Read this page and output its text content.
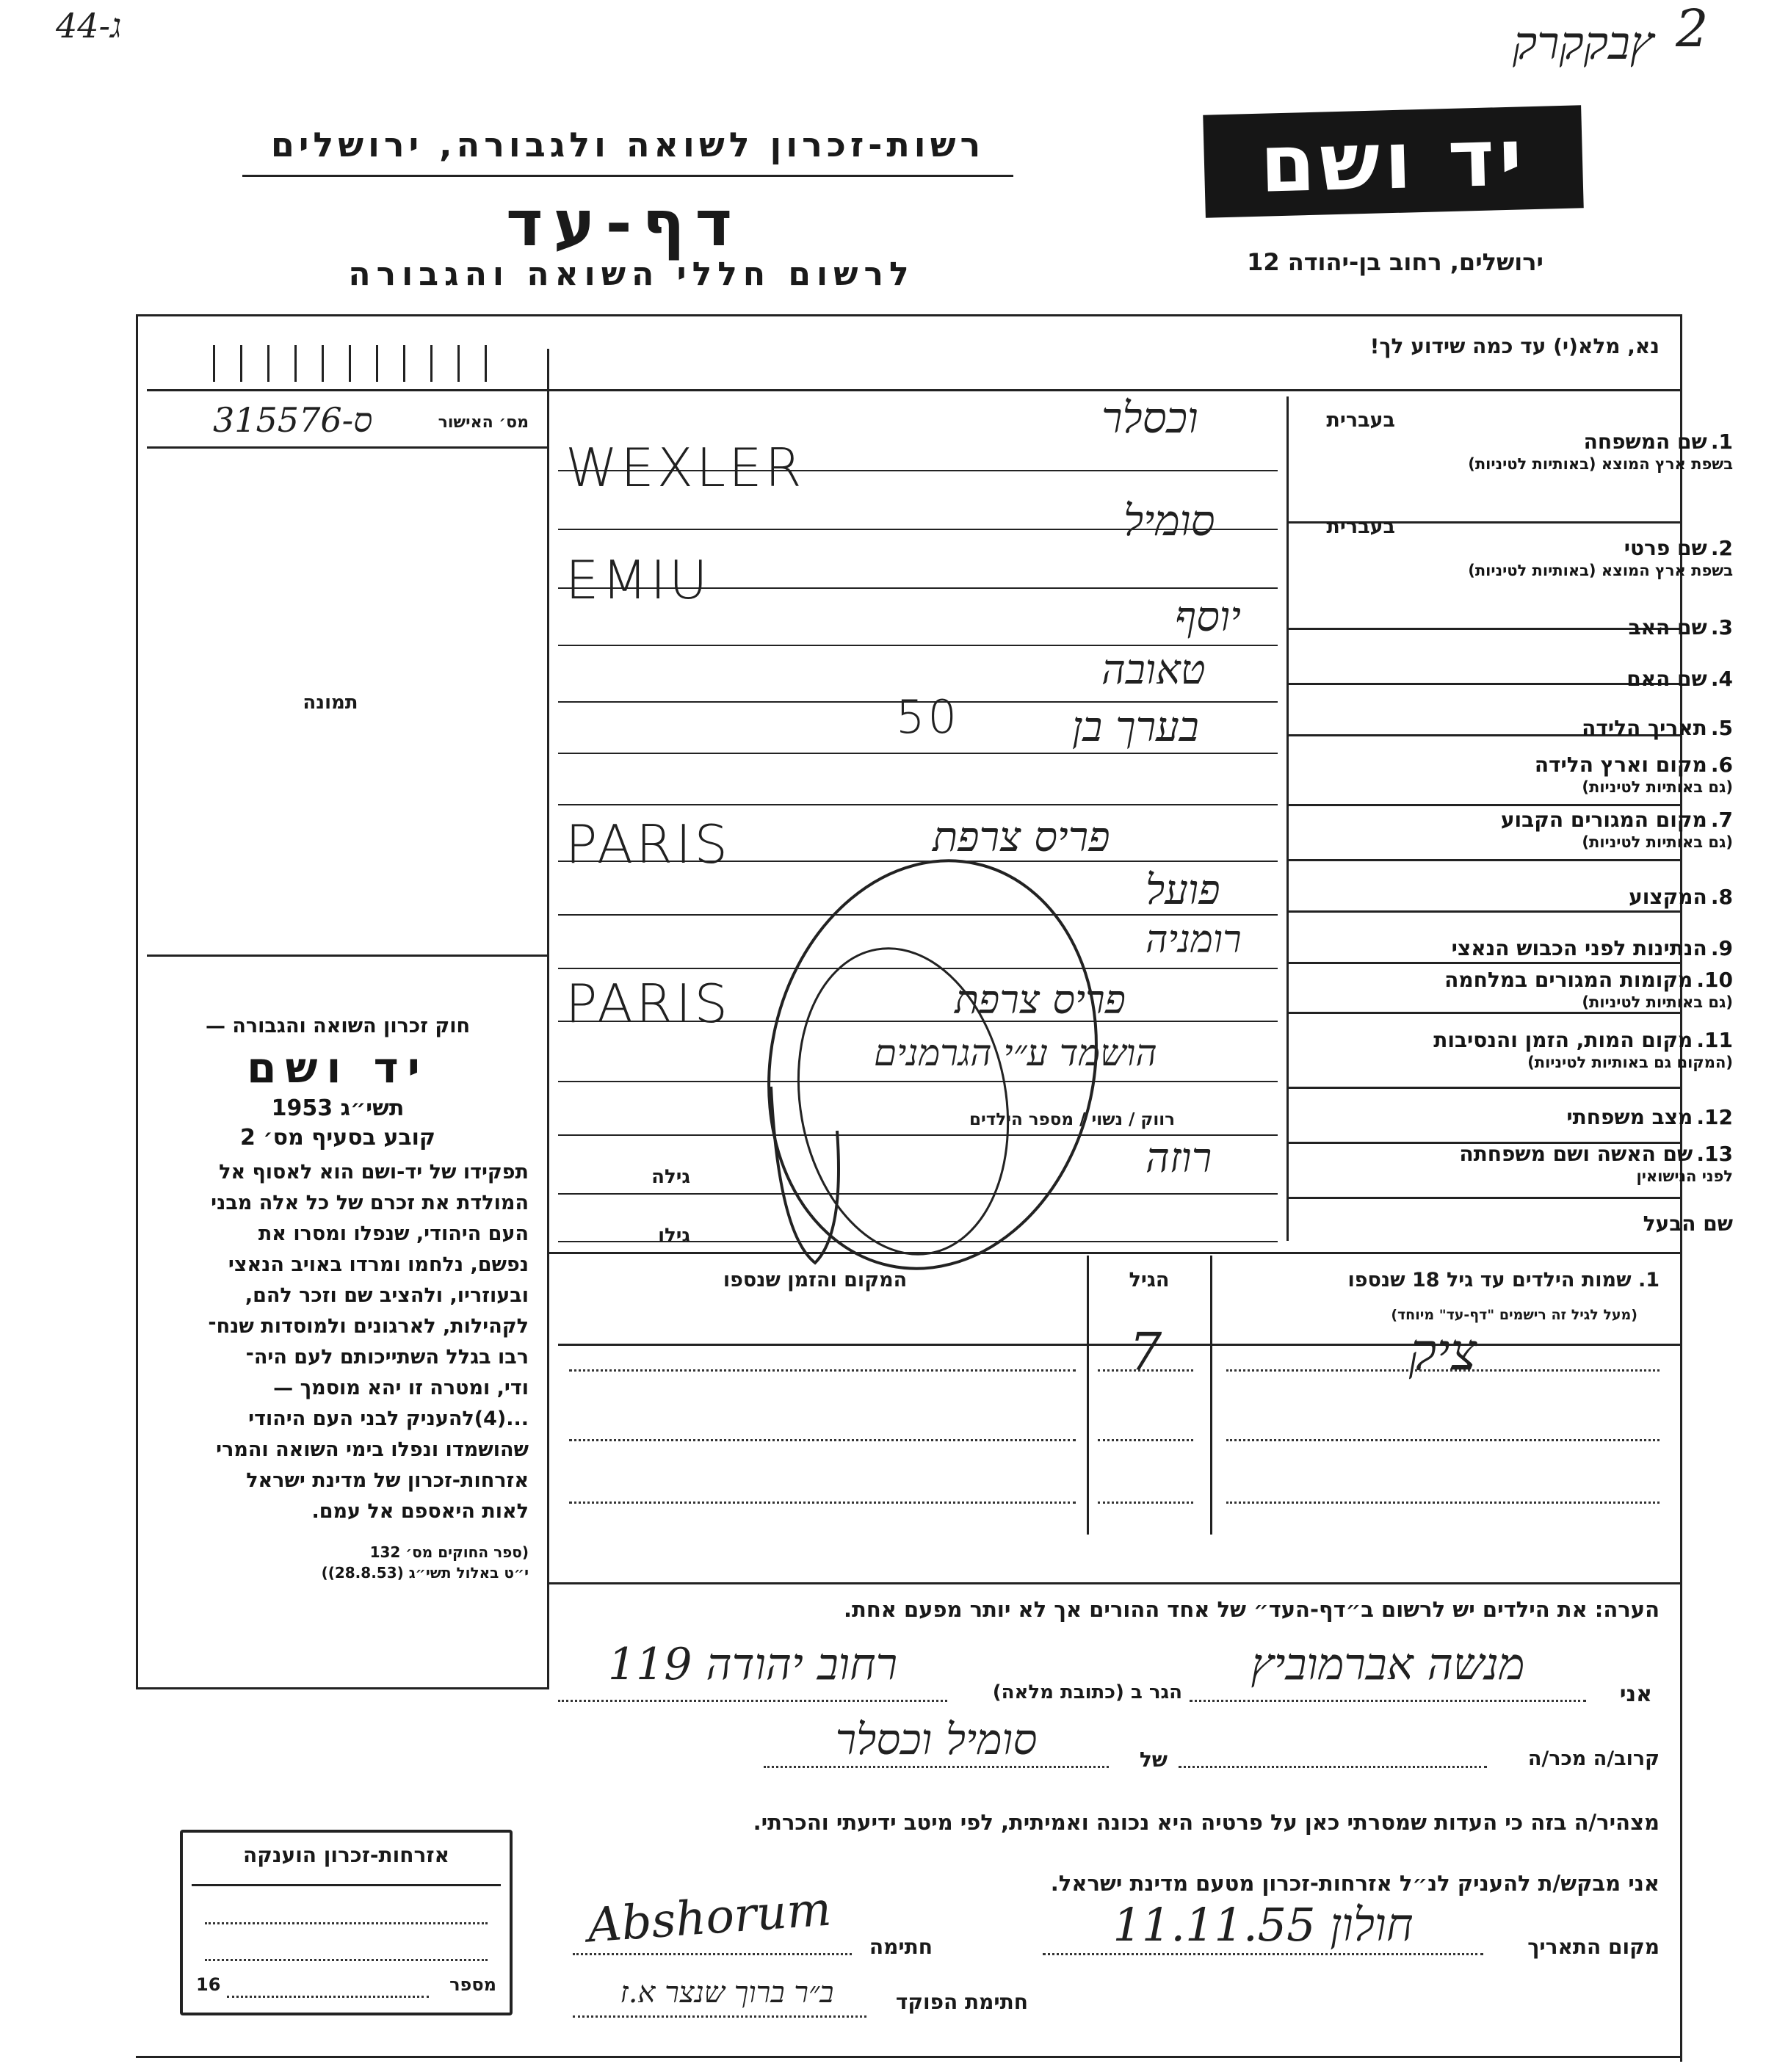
ג-44	ץבקקרק 2
רשות-זכרון לשואה ולגבורה, ירושלים
דף-עד
לרשום חללי השואה והגבורה
יד ושם
ירושלים, רחוב בן-יהודה 12
נא, מלא(י) עד כמה שידוע לך!
מס׳ האישור
315576-ס
תמונה
חוק זכרון השואה והגבורה —
יד ושם
תשי״ג 1953
קובע בסעיף מס׳ 2
תפקידו של יד-ושם הוא לאסוף אל
המולדת את זכרם של כל אלה מבני
העם היהודי, שנפלו ומסרו את
נפשם, נלחמו ומרדו באויב הנאצי
ובעוזריו, ולהציב שם וזכר להם,
לקהילות, לארגונים ולמוסדות שנח־
רבו בגלל השתייכותם לעם היה־
ודי, ומטרה זו יהא מוסמך —
...(4)להעניק לבני העם היהודי
שהושמדו ונפלו בימי השואה והמרי
אזרחות-זכרון של מדינת ישראל
לאות היאספם אל עמם.
(ספר החוקים מס׳ 132
י״ט באלול תשי״ג (28.8.53))
1. שם המשפחה
בשפת ארץ המוצא (באותיות לטיניות)
בעברית
2. שם פרטי
בשפת ארץ המוצא (באותיות לטיניות)
בעברית
3. שם האב
4. שם האם
5. תאריך הלידה
6. מקום וארץ הלידה
(גם באותיות לטיניות)
7. מקום המגורים הקבוע
(גם באותיות לטיניות)
8. המקצוע
9. הנתינות לפני הכבוש הנאצי
10. מקומות המגורים במלחמה
(גם באותיות לטיניות)
11. מקום המות, הזמן והנסיבות
(המקום גם באותיות לטיניות)
12. מצב משפחתי
13. שם האשה ושם משפחתה
לפני הנישואין
שם הבעל
וכסלר
WEXLER
סומיל
EMIU
יוסף
טאובה
בערך בן
50
פריס צרפת
PARIS
פועל
רומניה
פריס צרפת
PARIS
הושמד ע״י הגרמנים
רוזה
רווק / נשוי / מספר הילדים
גילה
גילו
1. שמות הילדים עד גיל 18 שנספו
(מעל לגיל זה רישמים "דף-עד" מיוחד)
הגיל
המקום והזמן שנספו
ציק
7
הערה: את הילדים יש לרשום ב״דף-העד״ של אחד ההורים אך לא יותר מפעם אחת.
אני
מנשה אברמוביץ
הגר ב (כתובת מלאה)
רחוב יהודה 119
קרוב/ה מכר/ה
של
סומיל וכסלר
מצהיר/ה בזה כי העדות שמסרתי כאן על פרטיה היא נכונה ואמיתית, לפי מיטב ידיעתי והכרתי.
אני מבקש/ת להעניק לנ״ל אזרחות-זכרון מטעם מדינת ישראל.
מקום התאריך
חולון 11.11.55
חתימה
Abshorum
חתימת הפוקד
ב״ר ברוך שנצר א.ז
אזרחות-זכרון הוענקה
מספר
16
